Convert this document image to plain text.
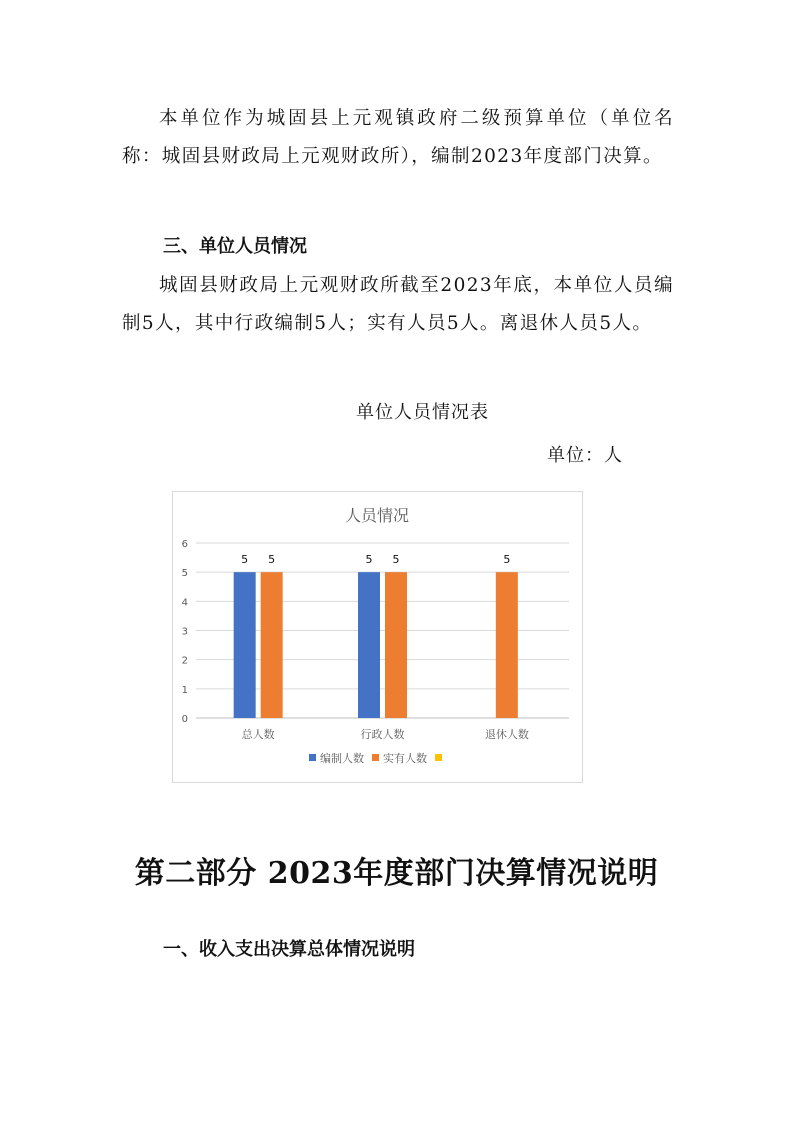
本单位作为城固县上元观镇政府二级预算单位（单位名称：城固县财政局上元观财政所），编制2023年度部门决算。

三、单位人员情况

城固县财政局上元观财政所截至2023年底，本单位人员编制5人，其中行政编制5人；实有人员5人。离退休人员5人。

单位人员情况表

单位：人

人员情况
0
1
2
3
4
5
6
5 5
总人数
5 5
行政人数
5
退休人数
编制人数 实有人数

第二部分 2023年度部门决算情况说明

一、收入支出决算总体情况说明
